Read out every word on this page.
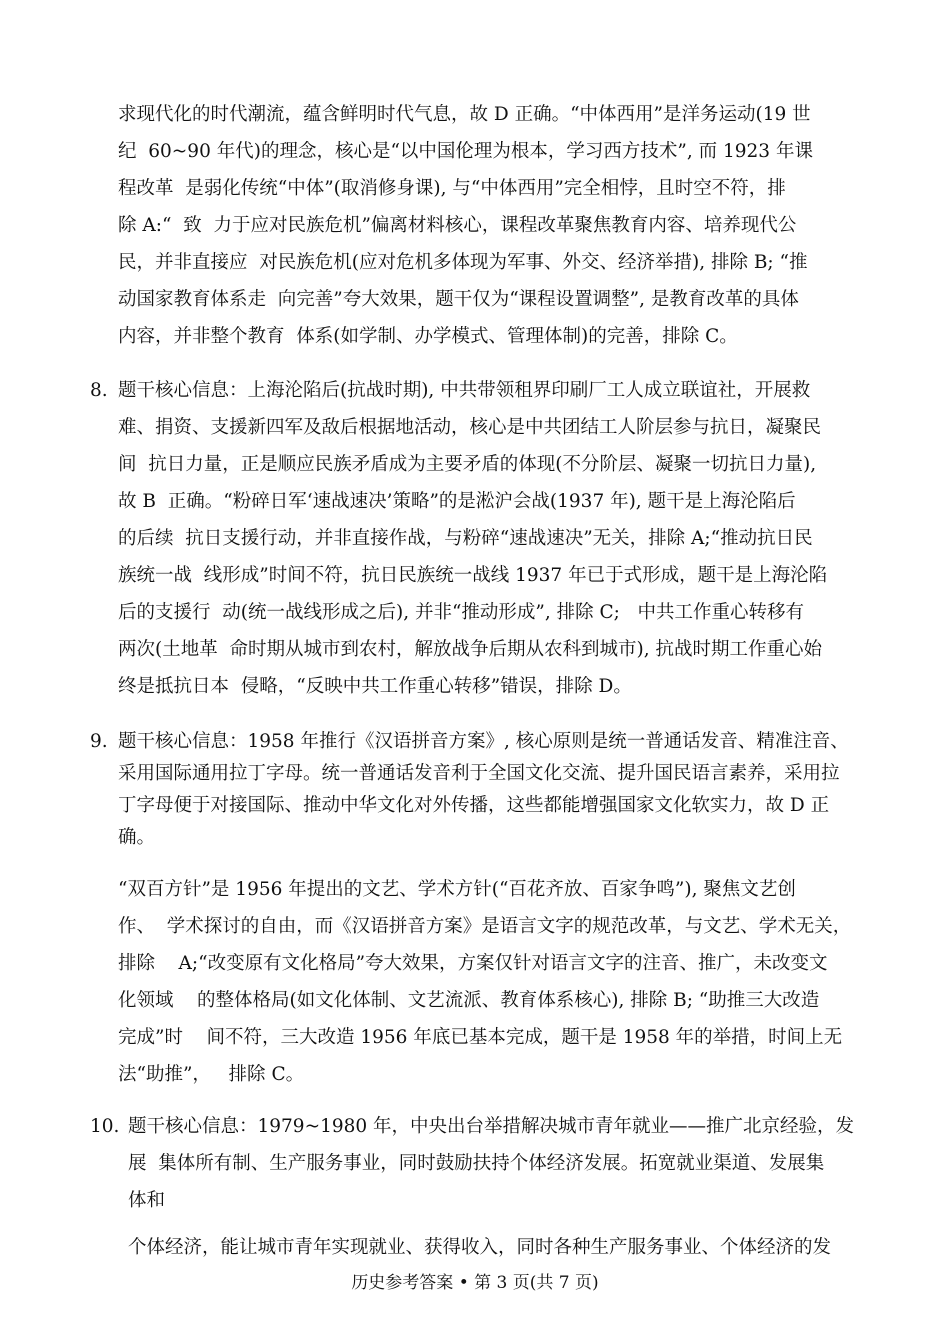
求现代化的时代潮流，蕴含鲜明时代气息，故 D 正确。“中体西用”是洋务运动(19 世

纪  60~90 年代)的理念，核心是“以中国伦理为根本，学习西方技术”, 而 1923 年课

程改革  是弱化传统“中体”(取消修身课), 与“中体西用”完全相悖，且时空不符，排

除 A:“  致  力于应对民族危机”偏离材料核心，课程改革聚焦教育内容、培养现代公

民，并非直接应  对民族危机(应对危机多体现为军事、外交、经济举措), 排除 B; “推

动国家教育体系走  向完善”夸大效果，题干仅为“课程设置调整”, 是教育改革的具体

内容，并非整个教育  体系(如学制、办学模式、管理体制)的完善，排除 C。

8. 题干核心信息：上海沦陷后(抗战时期), 中共带领租界印刷厂工人成立联谊社，开展救

难、捐资、支援新四军及敌后根据地活动，核心是中共团结工人阶层参与抗日，凝聚民

间  抗日力量，正是顺应民族矛盾成为主要矛盾的体现(不分阶层、凝聚一切抗日力量),

故 B  正确。“粉碎日军‘速战速决’策略”的是淞沪会战(1937 年), 题干是上海沦陷后

的后续  抗日支援行动，并非直接作战，与粉碎“速战速决”无关，排除 A;“推动抗日民

族统一战  线形成”时间不符，抗日民族统一战线 1937 年已于式形成，题干是上海沦陷

后的支援行  动(统一战线形成之后), 并非“推动形成”, 排除 C;   中共工作重心转移有

两次(土地革  命时期从城市到农村，解放战争后期从农科到城市), 抗战时期工作重心始

终是抵抗日本  侵略，“反映中共工作重心转移”错误，排除 D。

9. 题干核心信息：1958 年推行《汉语拼音方案》, 核心原则是统一普通话发音、精准注音、

采用国际通用拉丁字母。统一普通话发音利于全国文化交流、提升国民语言素养，采用拉

丁字母便于对接国际、推动中华文化对外传播，这些都能增强国家文化软实力，故 D 正

确。

“双百方针”是 1956 年提出的文艺、学术方针(“百花齐放、百家争鸣”), 聚焦文艺创

作、  学术探讨的自由，而《汉语拼音方案》是语言文字的规范改革，与文艺、学术无关，

排除    A;“改变原有文化格局”夸大效果，方案仅针对语言文字的注音、推广，未改变文

化领域    的整体格局(如文化体制、文艺流派、教育体系核心), 排除 B; “助推三大改造

完成”时    间不符，三大改造 1956 年底已基本完成，题干是 1958 年的举措，时间上无

法“助推”，   排除 C。

10. 题干核心信息：1979~1980 年，中央出台举措解决城市青年就业——推广北京经验，发

展  集体所有制、生产服务事业，同时鼓励扶持个体经济发展。拓宽就业渠道、发展集

体和

个体经济，能让城市青年实现就业、获得收入，同时各种生产服务事业、个体经济的发

历史参考答案 • 第 3 页(共 7 页)
